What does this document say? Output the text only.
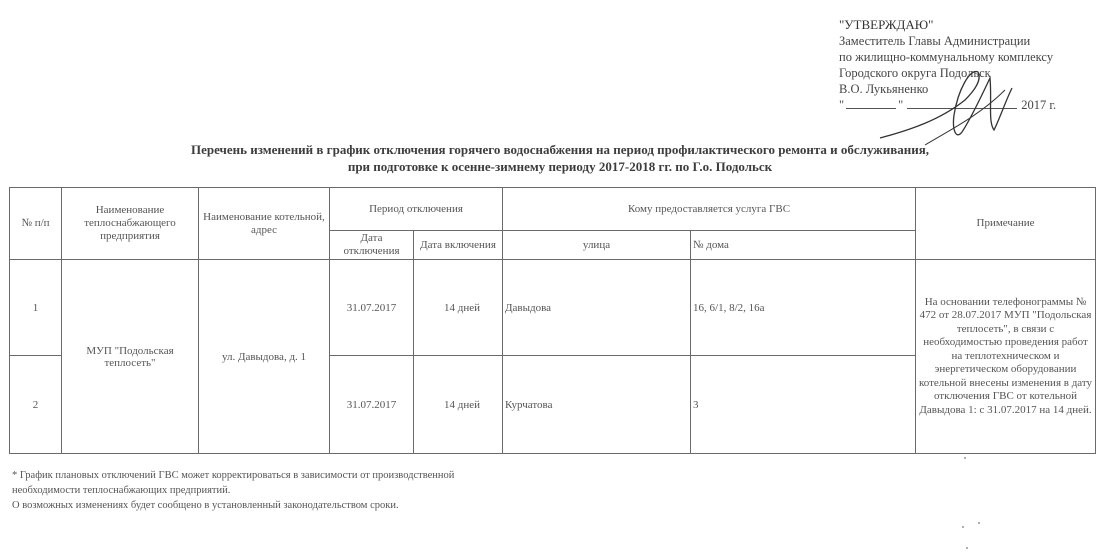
"УТВЕРЖДАЮ"
Заместитель Главы Администрации
по жилищно-коммунальному комплексу
Городского округа Подольск
В.О. Лукьяненко
"	"	2017 г.
Перечень изменений в график отключения горячего водоснабжения на период профилактического ремонта и обслуживания,
при подготовке к осенне-зимнему периоду 2017-2018 гг. по Г.о. Подольск
№ п/п	Наименование теплоснабжающего предприятия	Наименование котельной, адрес	Период отключения		Кому предоставляется услуга ГВС		Примечание
			Дата отключения	Дата включения	улица	№ дома	
1	МУП "Подольская теплосеть"	ул. Давыдова, д. 1	31.07.2017	14 дней	Давыдова	16, 6/1, 8/2, 16а	На основании телефонограммы № 472 от 28.07.2017 МУП "Подольская теплосеть", в связи с необходимостью проведения работ на теплотехническом и энергетическом оборудовании котельной внесены изменения в дату отключения ГВС от котельной Давыдова 1: с 31.07.2017 на 14 дней.
2			31.07.2017	14 дней	Курчатова	3	
* График плановых отключений ГВС может корректироваться в зависимости от производственной
необходимости теплоснабжающих предприятий.
О возможных изменениях будет сообщено в установленный законодательством сроки.
